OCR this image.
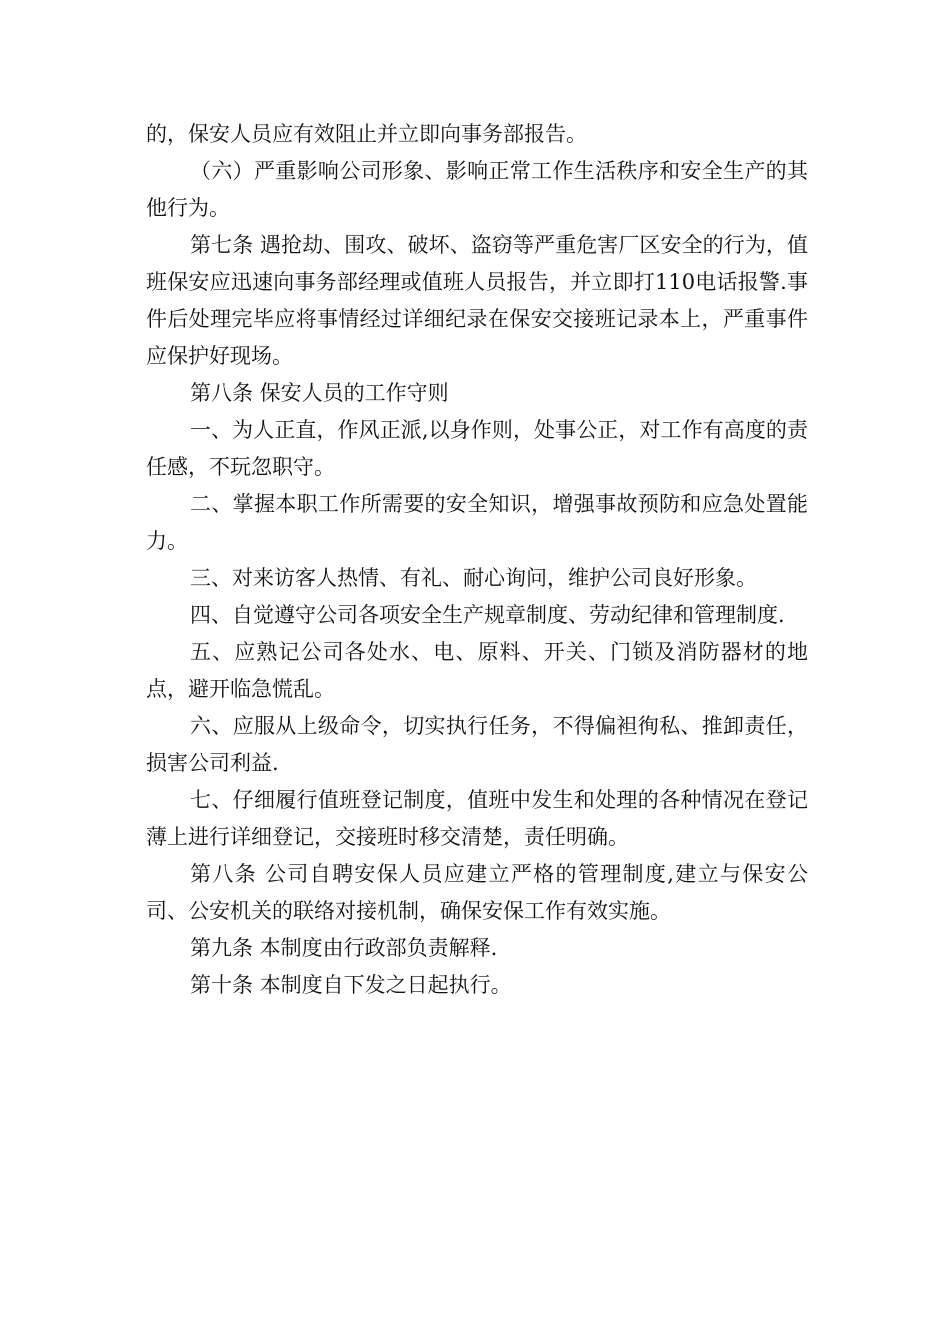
的，保安人员应有效阻止并立即向事务部报告。

（六）严重影响公司形象、影响正常工作生活秩序和安全生产的其他行为。

第七条 遇抢劫、围攻、破坏、盗窃等严重危害厂区安全的行为，值班保安应迅速向事务部经理或值班人员报告，并立即打110电话报警.事件后处理完毕应将事情经过详细纪录在保安交接班记录本上，严重事件应保护好现场。

第八条 保安人员的工作守则

一、为人正直，作风正派,以身作则，处事公正，对工作有高度的责任感，不玩忽职守。

二、掌握本职工作所需要的安全知识，增强事故预防和应急处置能力。

三、对来访客人热情、有礼、耐心询问，维护公司良好形象。

四、自觉遵守公司各项安全生产规章制度、劳动纪律和管理制度.

五、应熟记公司各处水、电、原料、开关、门锁及消防器材的地点，避开临急慌乱。

六、应服从上级命令，切实执行任务，不得偏袒徇私、推卸责任，损害公司利益.

七、仔细履行值班登记制度，值班中发生和处理的各种情况在登记薄上进行详细登记，交接班时移交清楚，责任明确。

第八条 公司自聘安保人员应建立严格的管理制度,建立与保安公司、公安机关的联络对接机制，确保安保工作有效实施。

第九条 本制度由行政部负责解释.

第十条 本制度自下发之日起执行。
